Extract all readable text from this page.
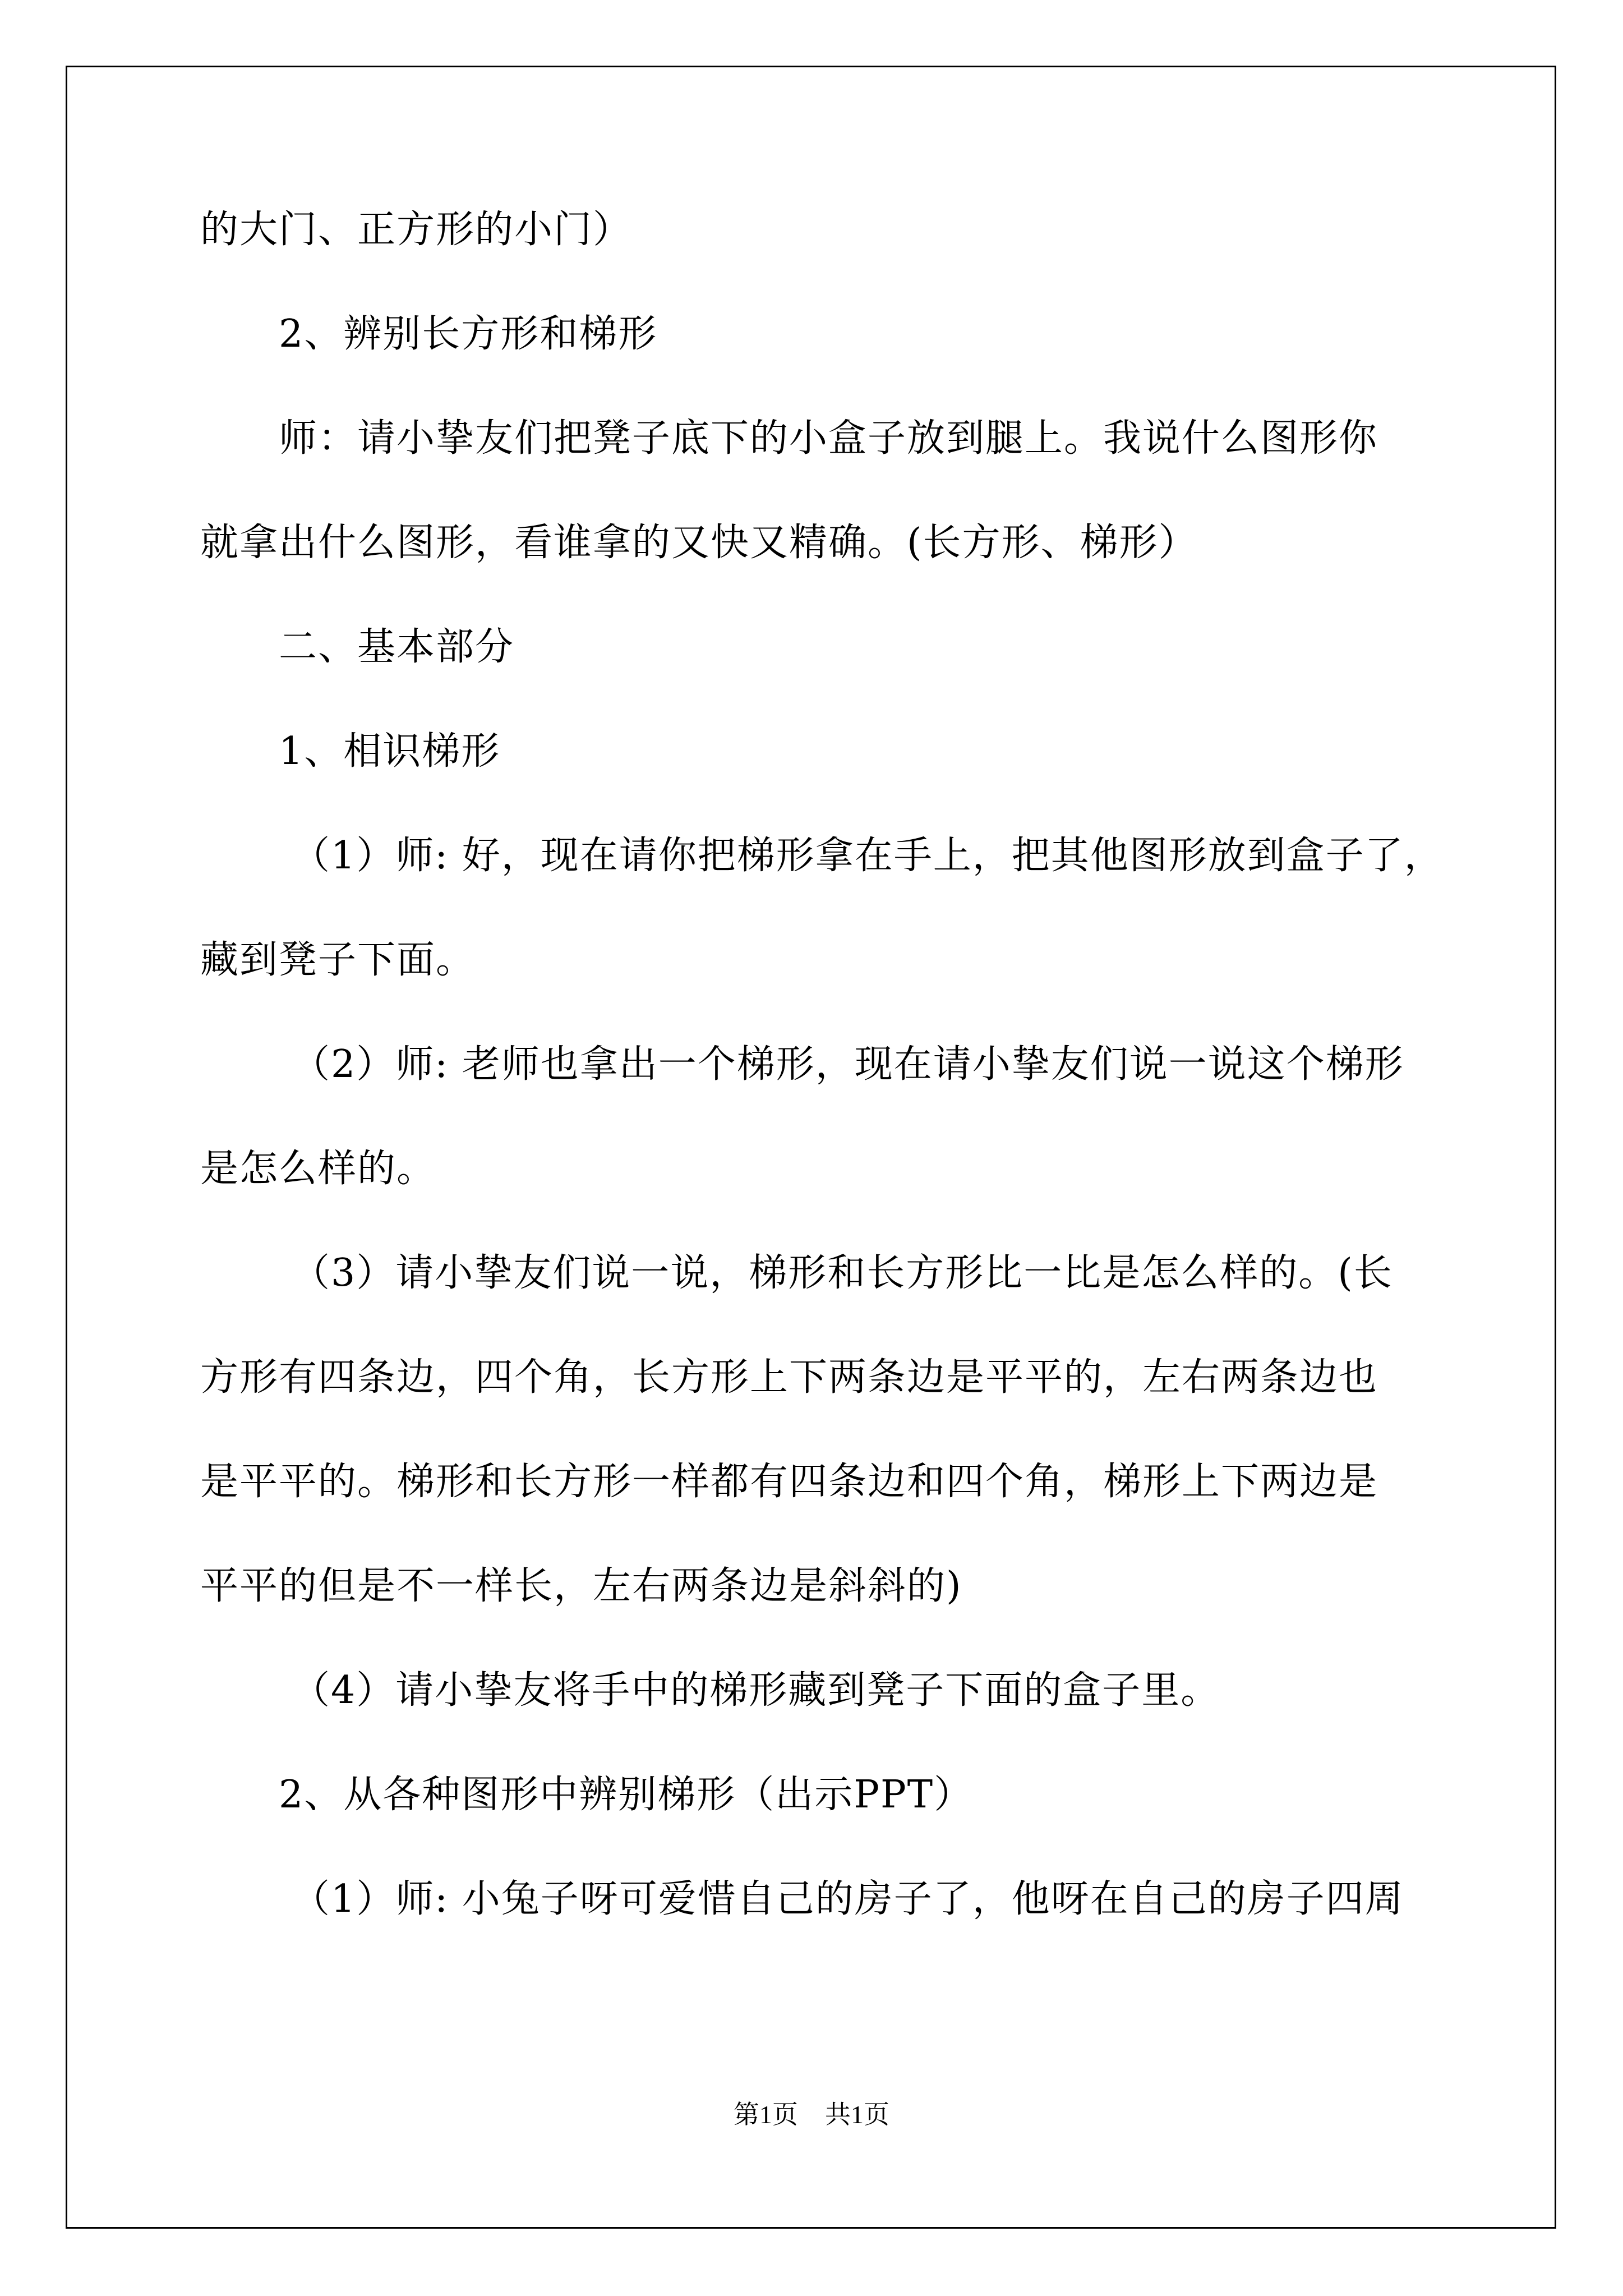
的大门、正方形的小门）
2、辨别长方形和梯形
师：请小挚友们把凳子底下的小盒子放到腿上。我说什么图形你
就拿出什么图形，看谁拿的又快又精确。(长方形、梯形）
二、基本部分
1、相识梯形
（1）师: 好，现在请你把梯形拿在手上，把其他图形放到盒子了，
藏到凳子下面。
（2）师: 老师也拿出一个梯形，现在请小挚友们说一说这个梯形
是怎么样的。
（3）请小挚友们说一说，梯形和长方形比一比是怎么样的。(长
方形有四条边，四个角，长方形上下两条边是平平的，左右两条边也
是平平的。梯形和长方形一样都有四条边和四个角，梯形上下两边是
平平的但是不一样长，左右两条边是斜斜的)
（4）请小挚友将手中的梯形藏到凳子下面的盒子里。
2、从各种图形中辨别梯形（出示PPT）
（1）师: 小兔子呀可爱惜自己的房子了，他呀在自己的房子四周
第1页 共1页
